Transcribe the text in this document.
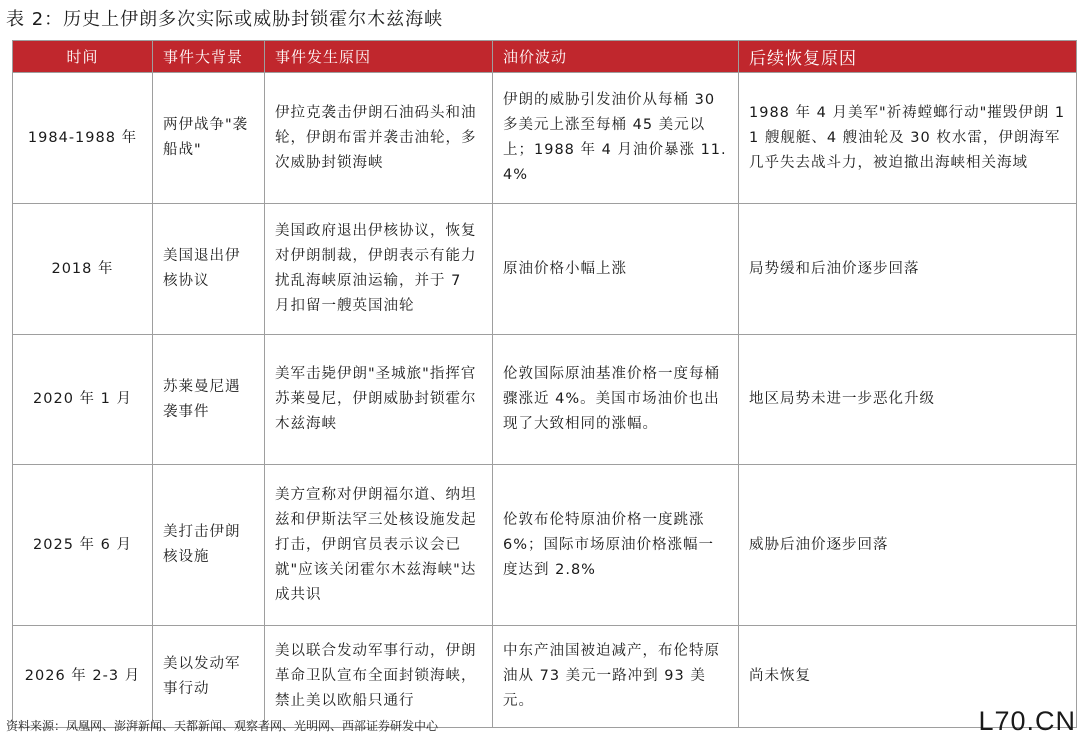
表 2：历史上伊朗多次实际或威胁封锁霍尔木兹海峡
时间	事件大背景	事件发生原因	油价波动	后续恢复原因
1984-1988 年	两伊战争"袭船战"	伊拉克袭击伊朗石油码头和油轮，伊朗布雷并袭击油轮，多次威胁封锁海峡	伊朗的威胁引发油价从每桶 30 多美元上涨至每桶 45 美元以上；1988 年 4 月油价暴涨 11.4%	1988 年 4 月美军"祈祷螳螂行动"摧毁伊朗 11 艘舰艇、4 艘油轮及 30 枚水雷，伊朗海军几乎失去战斗力，被迫撤出海峡相关海域
2018 年	美国退出伊核协议	美国政府退出伊核协议，恢复对伊朗制裁，伊朗表示有能力扰乱海峡原油运输，并于 7 月扣留一艘英国油轮	原油价格小幅上涨	局势缓和后油价逐步回落
2020 年 1 月	苏莱曼尼遇袭事件	美军击毙伊朗"圣城旅"指挥官苏莱曼尼，伊朗威胁封锁霍尔木兹海峡	伦敦国际原油基准价格一度每桶骤涨近 4%。美国市场油价也出现了大致相同的涨幅。	地区局势未进一步恶化升级
2025 年 6 月	美打击伊朗核设施	美方宣称对伊朗福尔道、纳坦兹和伊斯法罕三处核设施发起打击，伊朗官员表示议会已就"应该关闭霍尔木兹海峡"达成共识	伦敦布伦特原油价格一度跳涨 6%；国际市场原油价格涨幅一度达到 2.8%	威胁后油价逐步回落
2026 年 2-3 月	美以发动军事行动	美以联合发动军事行动，伊朗革命卫队宣布全面封锁海峡，禁止美以欧船只通行	中东产油国被迫减产，布伦特原油从 73 美元一路冲到 93 美元。	尚未恢复
资料来源：凤凰网、澎湃新闻、天都新闻、观察者网、光明网、西部证券研发中心	L70.CN
